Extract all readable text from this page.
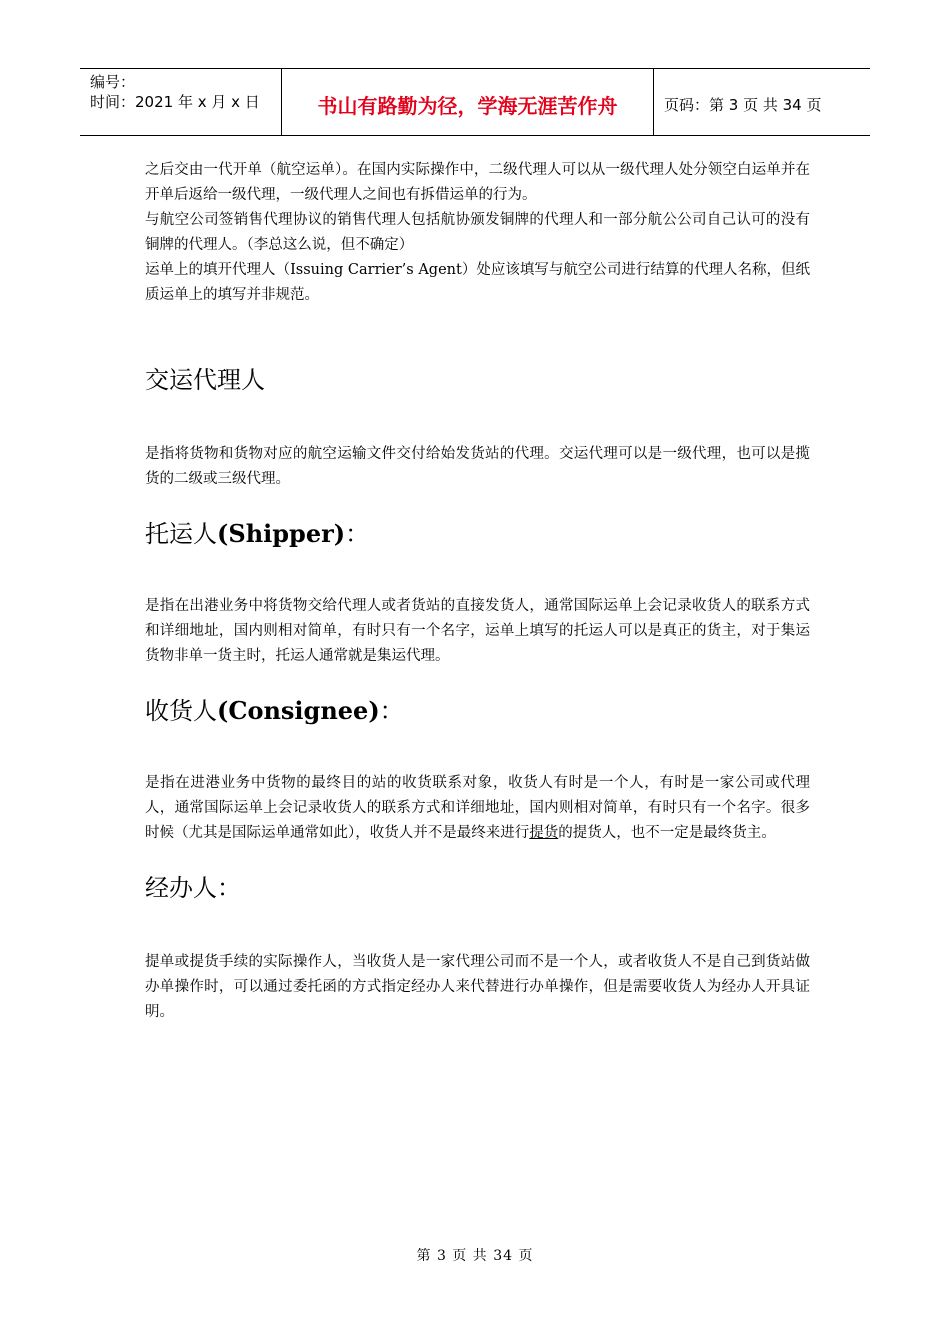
编号：
时间：2021 年 x 月 x 日	书山有路勤为径，学海无涯苦作舟	页码：第 3 页 共 34 页

之后交由一代开单（航空运单）。在国内实际操作中，二级代理人可以从一级代理人处分领空白运单并在开单后返给一级代理，一级代理人之间也有拆借运单的行为。

与航空公司签销售代理协议的销售代理人包括航协颁发铜牌的代理人和一部分航公公司自己认可的没有铜牌的代理人。（李总这么说，但不确定）

运单上的填开代理人（Issuing Carrier’s Agent）处应该填写与航空公司进行结算的代理人名称，但纸质运单上的填写并非规范。

交运代理人

是指将货物和货物对应的航空运输文件交付给始发货站的代理。交运代理可以是一级代理，也可以是揽货的二级或三级代理。

托运人(Shipper)：

是指在出港业务中将货物交给代理人或者货站的直接发货人，通常国际运单上会记录收货人的联系方式和详细地址，国内则相对简单，有时只有一个名字，运单上填写的托运人可以是真正的货主，对于集运货物非单一货主时，托运人通常就是集运代理。

收货人(Consignee)：

是指在进港业务中货物的最终目的站的收货联系对象，收货人有时是一个人，有时是一家公司或代理人，通常国际运单上会记录收货人的联系方式和详细地址，国内则相对简单，有时只有一个名字。很多时候（尤其是国际运单通常如此），收货人并不是最终来进行提货的提货人，也不一定是最终货主。

经办人：

提单或提货手续的实际操作人，当收货人是一家代理公司而不是一个人，或者收货人不是自己到货站做办单操作时，可以通过委托函的方式指定经办人来代替进行办单操作，但是需要收货人为经办人开具证明。

第 3 页 共 34 页
